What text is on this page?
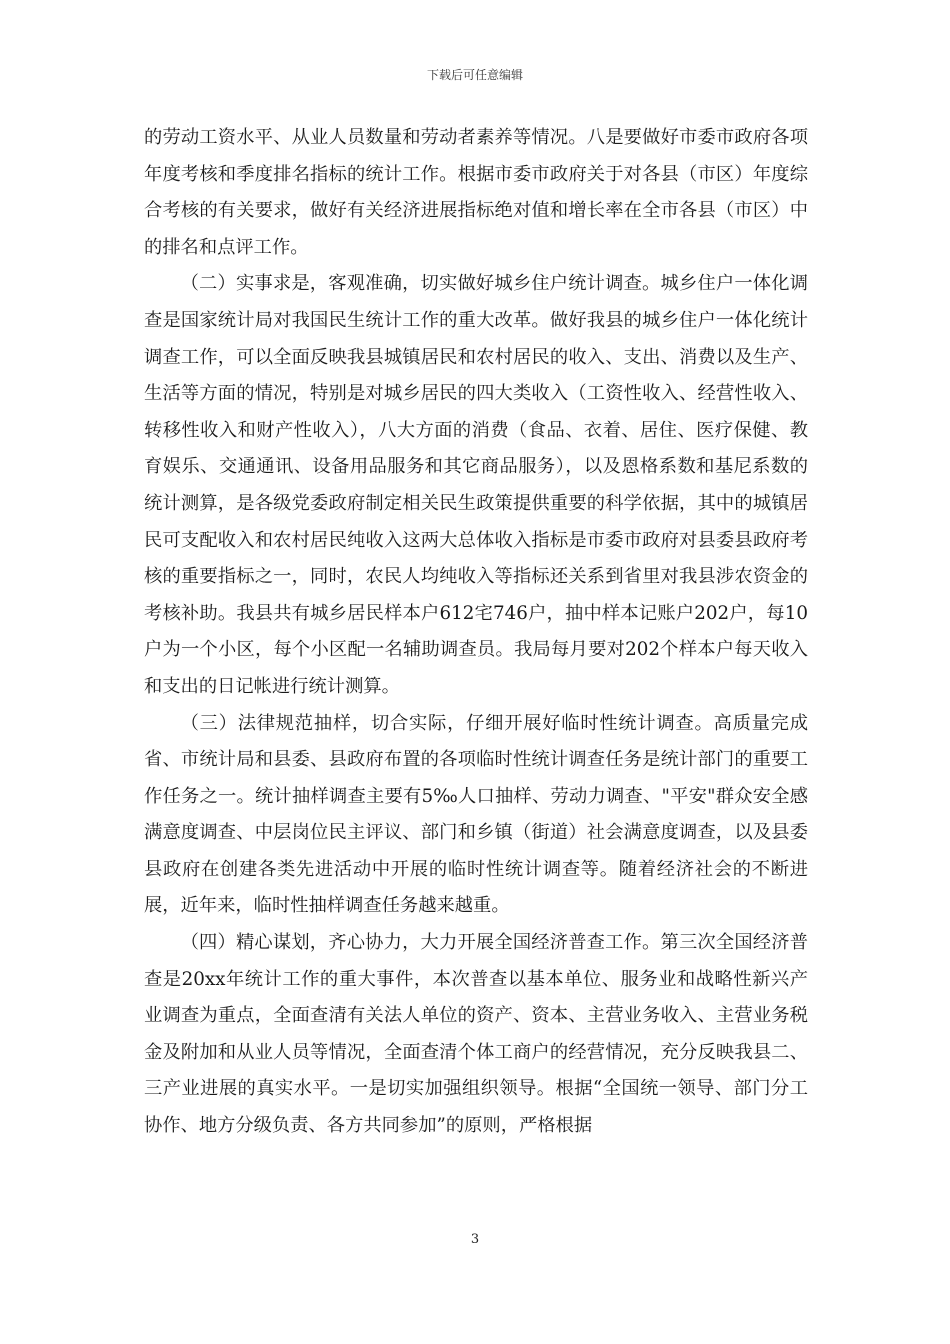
下载后可任意编辑

的劳动工资水平、从业人员数量和劳动者素养等情况。八是要做好市委市政府各项年度考核和季度排名指标的统计工作。根据市委市政府关于对各县（市区）年度综合考核的有关要求，做好有关经济进展指标绝对值和增长率在全市各县（市区）中的排名和点评工作。

（二）实事求是，客观准确，切实做好城乡住户统计调查。城乡住户一体化调查是国家统计局对我国民生统计工作的重大改革。做好我县的城乡住户一体化统计调查工作，可以全面反映我县城镇居民和农村居民的收入、支出、消费以及生产、生活等方面的情况，特别是对城乡居民的四大类收入（工资性收入、经营性收入、转移性收入和财产性收入），八大方面的消费（食品、衣着、居住、医疗保健、教育娱乐、交通通讯、设备用品服务和其它商品服务），以及恩格系数和基尼系数的统计测算，是各级党委政府制定相关民生政策提供重要的科学依据，其中的城镇居民可支配收入和农村居民纯收入这两大总体收入指标是市委市政府对县委县政府考核的重要指标之一，同时，农民人均纯收入等指标还关系到省里对我县涉农资金的考核补助。我县共有城乡居民样本户612宅746户，抽中样本记账户202户，每10户为一个小区，每个小区配一名辅助调查员。我局每月要对202个样本户每天收入和支出的日记帐进行统计测算。

（三）法律规范抽样，切合实际，仔细开展好临时性统计调查。高质量完成省、市统计局和县委、县政府布置的各项临时性统计调查任务是统计部门的重要工作任务之一。统计抽样调查主要有5‰人口抽样、劳动力调查、"平安"群众安全感满意度调查、中层岗位民主评议、部门和乡镇（街道）社会满意度调查，以及县委县政府在创建各类先进活动中开展的临时性统计调查等。随着经济社会的不断进展，近年来，临时性抽样调查任务越来越重。

（四）精心谋划，齐心协力，大力开展全国经济普查工作。第三次全国经济普查是20xx年统计工作的重大事件，本次普查以基本单位、服务业和战略性新兴产业调查为重点，全面查清有关法人单位的资产、资本、主营业务收入、主营业务税金及附加和从业人员等情况，全面查清个体工商户的经营情况，充分反映我县二、三产业进展的真实水平。一是切实加强组织领导。根据“全国统一领导、部门分工协作、地方分级负责、各方共同参加”的原则，严格根据

3
